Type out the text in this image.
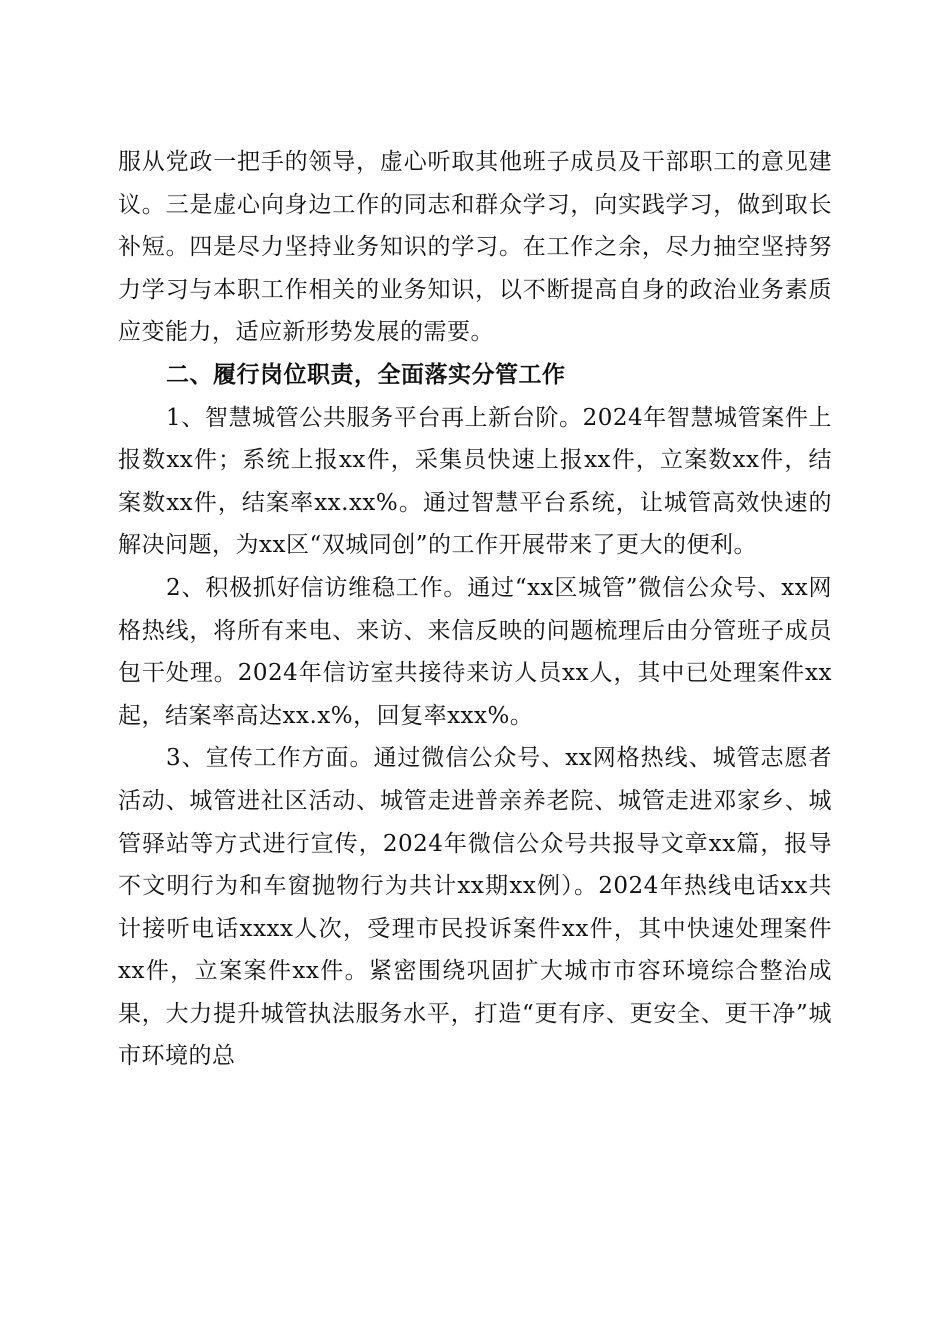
服从党政一把手的领导，虚心听取其他班子成员及干部职工的意见建议。三是虚心向身边工作的同志和群众学习，向实践学习，做到取长补短。四是尽力坚持业务知识的学习。在工作之余，尽力抽空坚持努力学习与本职工作相关的业务知识，以不断提高自身的政治业务素质应变能力，适应新形势发展的需要。

二、履行岗位职责，全面落实分管工作

1、智慧城管公共服务平台再上新台阶。2024年智慧城管案件上报数xx件；系统上报xx件，采集员快速上报xx件，立案数xx件，结案数xx件，结案率xx.xx%。通过智慧平台系统，让城管高效快速的解决问题，为xx区“双城同创”的工作开展带来了更大的便利。

2、积极抓好信访维稳工作。通过“xx区城管”微信公众号、xx网格热线，将所有来电、来访、来信反映的问题梳理后由分管班子成员包干处理。2024年信访室共接待来访人员xx人，其中已处理案件xx起，结案率高达xx.x%，回复率xxx%。

3、宣传工作方面。通过微信公众号、xx网格热线、城管志愿者活动、城管进社区活动、城管走进普亲养老院、城管走进邓家乡、城管驿站等方式进行宣传，2024年微信公众号共报导文章xx篇，报导不文明行为和车窗抛物行为共计xx期xx例）。2024年热线电话xx共计接听电话xxxx人次，受理市民投诉案件xx件，其中快速处理案件xx件，立案案件xx件。紧密围绕巩固扩大城市市容环境综合整治成果，大力提升城管执法服务水平，打造“更有序、更安全、更干净”城市环境的总
